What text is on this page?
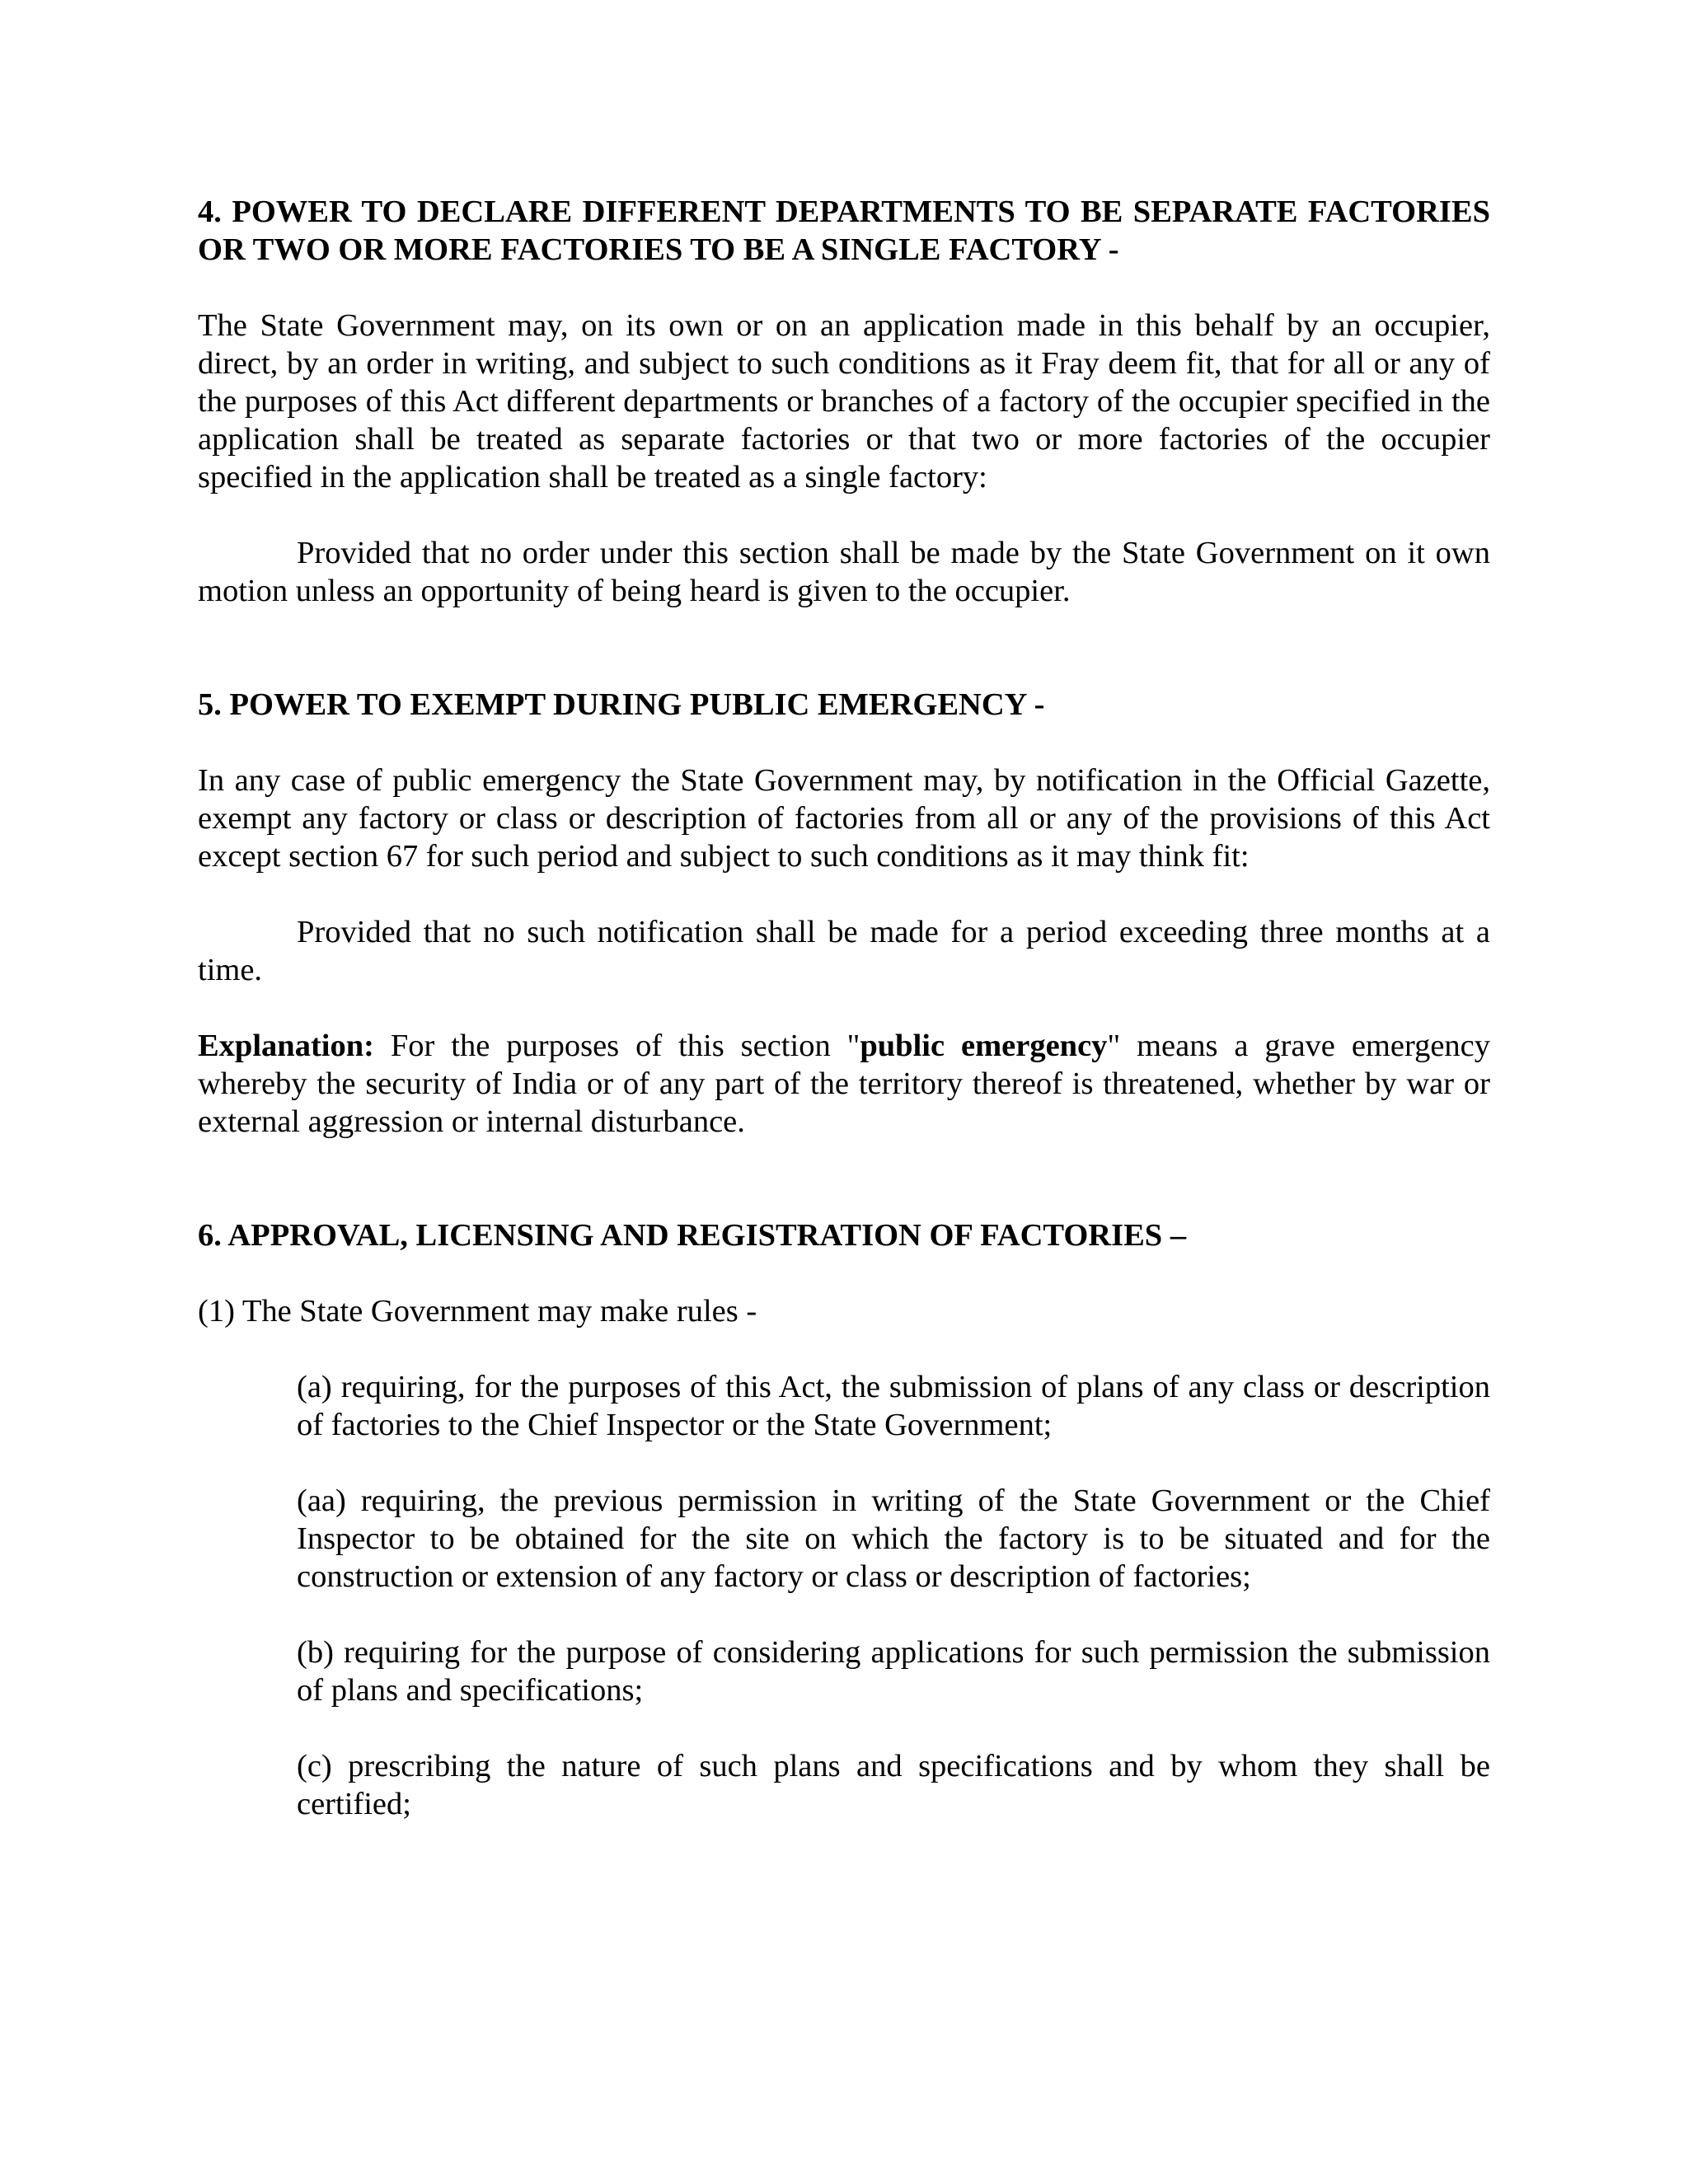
4. POWER TO DECLARE DIFFERENT DEPARTMENTS TO BE SEPARATE FACTORIES OR TWO OR MORE FACTORIES TO BE A SINGLE FACTORY -

The State Government may, on its own or on an application made in this behalf by an occupier, direct, by an order in writing, and subject to such conditions as it Fray deem fit, that for all or any of the purposes of this Act different departments or branches of a factory of the occupier specified in the application shall be treated as separate factories or that two or more factories of the occupier specified in the application shall be treated as a single factory:

Provided that no order under this section shall be made by the State Government on it own motion unless an opportunity of being heard is given to the occupier.

5. POWER TO EXEMPT DURING PUBLIC EMERGENCY -

In any case of public emergency the State Government may, by notification in the Official Gazette, exempt any factory or class or description of factories from all or any of the provisions of this Act except section 67 for such period and subject to such conditions as it may think fit:

Provided that no such notification shall be made for a period exceeding three months at a time.

Explanation: For the purposes of this section "public emergency" means a grave emergency whereby the security of India or of any part of the territory thereof is threatened, whether by war or external aggression or internal disturbance.

6. APPROVAL, LICENSING AND REGISTRATION OF FACTORIES –

(1) The State Government may make rules -

(a) requiring, for the purposes of this Act, the submission of plans of any class or description of factories to the Chief Inspector or the State Government;

(aa) requiring, the previous permission in writing of the State Government or the Chief Inspector to be obtained for the site on which the factory is to be situated and for the construction or extension of any factory or class or description of factories;

(b) requiring for the purpose of considering applications for such permission the submission of plans and specifications;

(c) prescribing the nature of such plans and specifications and by whom they shall be certified;
